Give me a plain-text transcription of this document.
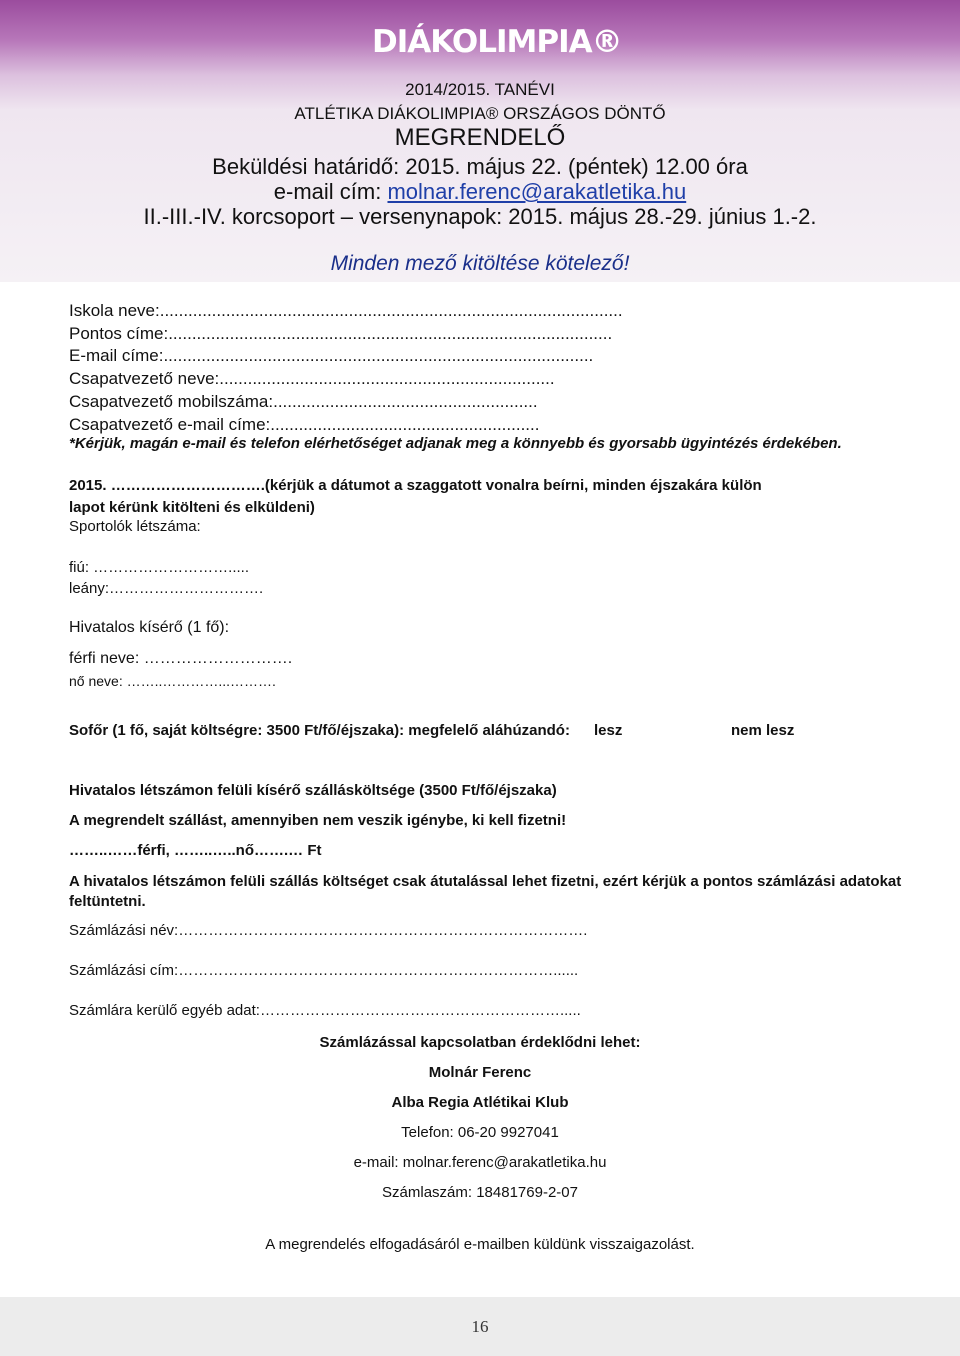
DIÁKOLIMPIA®
2014/2015. TANÉVI
ATLÉTIKA DIÁKOLIMPIA® ORSZÁGOS DÖNTŐ
MEGRENDELŐ
Beküldési határidő: 2015. május 22. (péntek) 12.00 óra
e-mail cím: molnar.ferenc@arakatletika.hu
II.-III.-IV. korcsoport – versenynapok: 2015. május 28.-29. június 1.-2.
Minden mező kitöltése kötelező!
Iskola neve:..................................................................................................
Pontos címe:..............................................................................................
E-mail címe:...........................................................................................
Csapatvezető neve:.......................................................................
Csapatvezető mobilszáma:........................................................
Csapatvezető e-mail címe:.........................................................
*Kérjük, magán e-mail és telefon elérhetőséget adjanak meg a könnyebb és gyorsabb ügyintézés érdekében.
2015. ………………………….(kérjük a dátumot a szaggatott vonalra beírni, minden éjszakára külön
lapot kérünk kitölteni és elküldeni)
Sportolók létszáma:
fiú: ……………………….....
leány:………………………….
Hivatalos kísérő (1 fő):
férfi neve: ……………………….
nő neve: ……..…………...……….
Sofőr (1 fő, saját költségre: 3500 Ft/fő/éjszaka): megfelelő aláhúzandó: lesz	nem lesz
Hivatalos létszámon felüli kísérő szállásköltsége (3500 Ft/fő/éjszaka)
A megrendelt szállást, amennyiben nem veszik igénybe, ki kell fizetni!
……..……férfi, ……..…..nő…….… Ft
A hivatalos létszámon felüli szállás költséget csak átutalással lehet fizetni, ezért kérjük a pontos számlázási adatokat
feltüntetni.
Számlázási név:……………………………………………………………………….
Számlázási cím:…………………………………………………………………......
Számlára kerülő egyéb adat:…………………………………………………….....
Számlázással kapcsolatban érdeklődni lehet:
Molnár Ferenc
Alba Regia Atlétikai Klub
Telefon: 06-20 9927041
e-mail: molnar.ferenc@arakatletika.hu
Számlaszám: 18481769-2-07
A megrendelés elfogadásáról e-mailben küldünk visszaigazolást.
16
